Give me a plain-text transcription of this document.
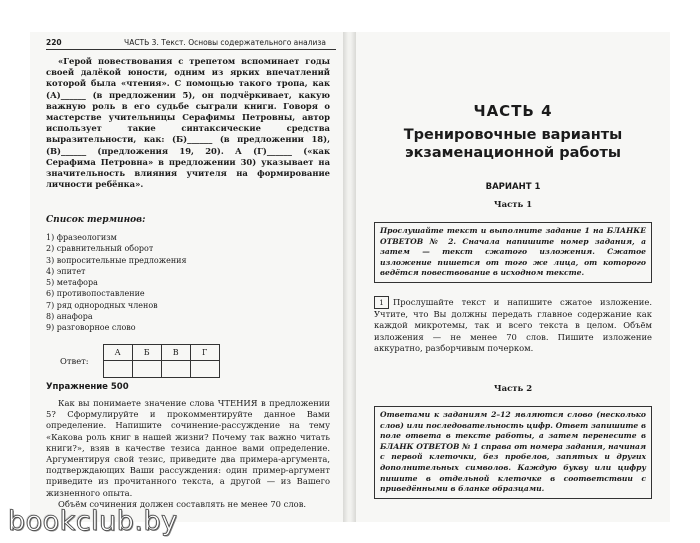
220	ЧАСТЬ 3. Текст. Основы содержательного анализа

«Герой повествования с трепетом вспоминает годы своей далёкой юности, одним из ярких впечатлений которой была «чтения». С помощью такого тропа, как (А)______ (в предложении 5), он подчёркивает, какую важную роль в его судьбе сыграли книги. Говоря о мастерстве учительницы Серафимы Петровны, автор использует такие синтаксические средства выразительности, как: (Б)______ (в предложении 18), (В)______ (предложения 19, 20). А (Г)______ («как Серафима Петровна» в предложении 30) указывает на значительность влияния учителя на формирование личности ребёнка».

Список терминов:
1) фразеологизм
2) сравнительный оборот
3) вопросительные предложения
4) эпитет
5) метафора
6) противопоставление
7) ряд однородных членов
8) анафора
9) разговорное слово
Ответ:
А	Б	В	Г

Упражнение 500

Как вы понимаете значение слова ЧТЕНИЯ в предложении 5? Сформулируйте и прокомментируйте данное Вами определение. Напишите сочинение-рассуждение на тему «Какова роль книг в нашей жизни? Почему так важно читать книги?», взяв в качестве тезиса данное вами определение. Аргументируя свой тезис, приведите два примера-аргумента, подтверждающих Ваши рассуждения: один пример-аргумент приведите из прочитанного текста, а другой — из Вашего жизненного опыта.

Объём сочинения должен составлять не менее 70 слов.

ЧАСТЬ 4
Тренировочные варианты экзаменационной работы
ВАРИАНТ 1
Часть 1
Прослушайте текст и выполните задание 1 на БЛАНКЕ ОТВЕТОВ № 2. Сначала напишите номер задания, а затем — текст сжатого изложения. Сжатое изложение пишется от того же лица, от которого ведётся повествование в исходном тексте.
1 Прослушайте текст и напишите сжатое изложение. Учтите, что Вы должны передать главное содержание как каждой микротемы, так и всего текста в целом. Объём изложения — не менее 70 слов. Пишите изложение аккуратно, разборчивым почерком.
Часть 2
Ответами к заданиям 2–12 являются слово (несколько слов) или последовательность цифр. Ответ запишите в поле ответа в тексте работы, а затем перенесите в БЛАНК ОТВЕТОВ № 1 справа от номера задания, начиная с первой клеточки, без пробелов, запятых и других дополнительных символов. Каждую букву или цифру пишите в отдельной клеточке в соответствии с приведёнными в бланке образцами.
bookclub.by
